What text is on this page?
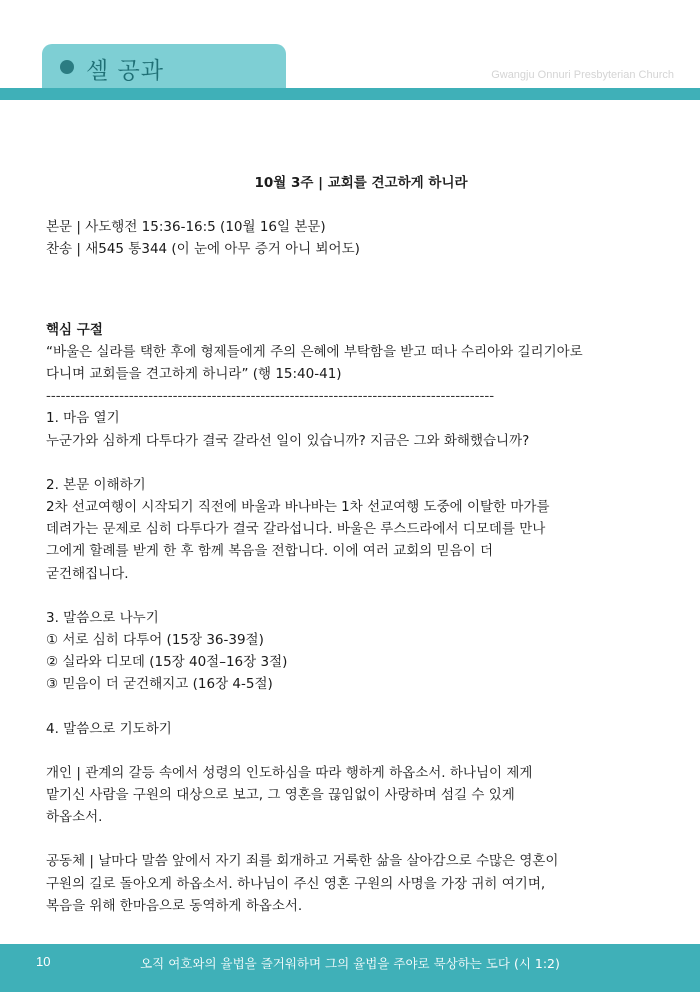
셀 공과	Gwangju Onnuri Presbyterian Church

10월 3주 | 교회를 견고하게 하니라

본문 | 사도행전 15:36-16:5 (10월 16일 본문)

찬송 | 새545 통344 (이 눈에 아무 증거 아니 뵈어도)

핵심 구절

“바울은 실라를 택한 후에 형제들에게 주의 은혜에 부탁함을 받고 떠나 수리아와 길리기아로

다니며 교회들을 견고하게 하니라” (행 15:40-41)

--------------------------------------------------------------------------------------------

1. 마음 열기

누군가와 심하게 다투다가 결국 갈라선 일이 있습니까? 지금은 그와 화해했습니까?

2. 본문 이해하기

2차 선교여행이 시작되기 직전에 바울과 바나바는 1차 선교여행 도중에 이탈한 마가를

데려가는 문제로 심히 다투다가 결국 갈라섭니다. 바울은 루스드라에서 디모데를 만나

그에게 할례를 받게 한 후 함께 복음을 전합니다. 이에 여러 교회의 믿음이 더

굳건해집니다.

3. 말씀으로 나누기

① 서로 심히 다투어 (15장 36-39절)

② 실라와 디모데 (15장 40절–16장 3절)

③ 믿음이 더 굳건해지고 (16장 4-5절)

4. 말씀으로 기도하기

개인 | 관계의 갈등 속에서 성령의 인도하심을 따라 행하게 하옵소서. 하나님이 제게

맡기신 사람을 구원의 대상으로 보고, 그 영혼을 끊임없이 사랑하며 섬길 수 있게

하옵소서.

공동체 | 날마다 말씀 앞에서 자기 죄를 회개하고 거룩한 삶을 살아감으로 수많은 영혼이

구원의 길로 돌아오게 하옵소서. 하나님이 주신 영혼 구원의 사명을 가장 귀히 여기며,

복음을 위해 한마음으로 동역하게 하옵소서.

오직 여호와의 율법을 즐거워하며 그의 율법을 주야로 묵상하는 도다 (시 1:2)
10
